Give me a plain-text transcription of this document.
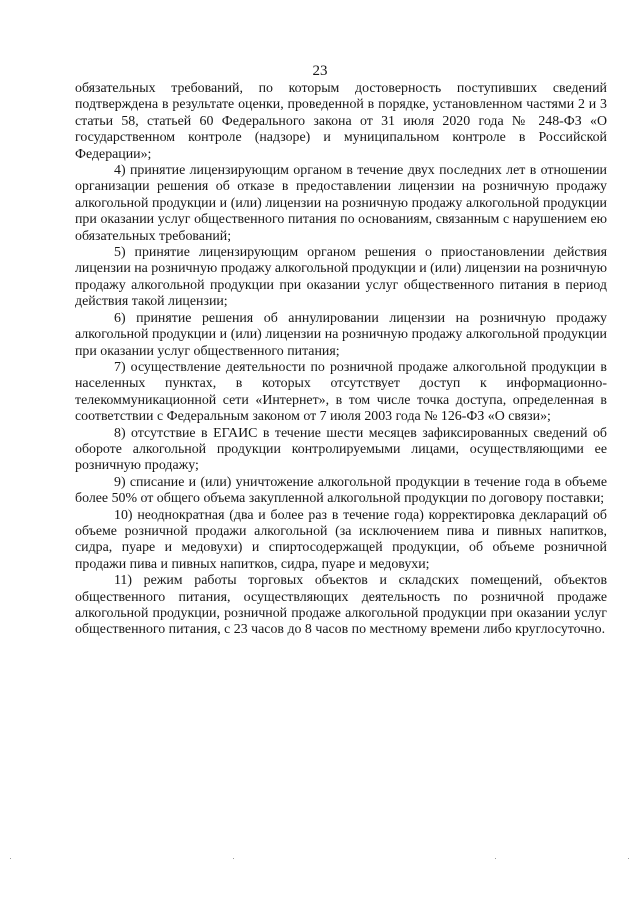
23

обязательных требований, по которым достоверность поступивших сведений подтверждена в результате оценки, проведенной в порядке, установленном частями 2 и 3 статьи 58, статьей 60 Федерального закона от 31 июля 2020 года № 248-ФЗ «О государственном контроле (надзоре) и муниципальном контроле в Российской Федерации»;

4) принятие лицензирующим органом в течение двух последних лет в отношении организации решения об отказе в предоставлении лицензии на розничную продажу алкогольной продукции и (или) лицензии на розничную продажу алкогольной продукции при оказании услуг общественного питания по основаниям, связанным с нарушением ею обязательных требований;

5) принятие лицензирующим органом решения о приостановлении действия лицензии на розничную продажу алкогольной продукции и (или) лицензии на розничную продажу алкогольной продукции при оказании услуг общественного питания в период действия такой лицензии;

6) принятие решения об аннулировании лицензии на розничную продажу алкогольной продукции и (или) лицензии на розничную продажу алкогольной продукции при оказании услуг общественного питания;

7) осуществление деятельности по розничной продаже алкогольной продукции в населенных пунктах, в которых отсутствует доступ к информационно-телекоммуникационной сети «Интернет», в том числе точка доступа, определенная в соответствии с Федеральным законом от 7 июля 2003 года № 126-ФЗ «О связи»;

8) отсутствие в ЕГАИС в течение шести месяцев зафиксированных сведений об обороте алкогольной продукции контролируемыми лицами, осуществляющими ее розничную продажу;

9) списание и (или) уничтожение алкогольной продукции в течение года в объеме более 50% от общего объема закупленной алкогольной продукции по договору поставки;

10) неоднократная (два и более раз в течение года) корректировка деклараций об объеме розничной продажи алкогольной (за исключением пива и пивных напитков, сидра, пуаре и медовухи) и спиртосодержащей продукции, об объеме розничной продажи пива и пивных напитков, сидра, пуаре и медовухи;

11) режим работы торговых объектов и складских помещений, объектов общественного питания, осуществляющих деятельность по розничной продаже алкогольной продукции, розничной продаже алкогольной продукции при оказании услуг общественного питания, с 23 часов до 8 часов по местному времени либо круглосуточно.
